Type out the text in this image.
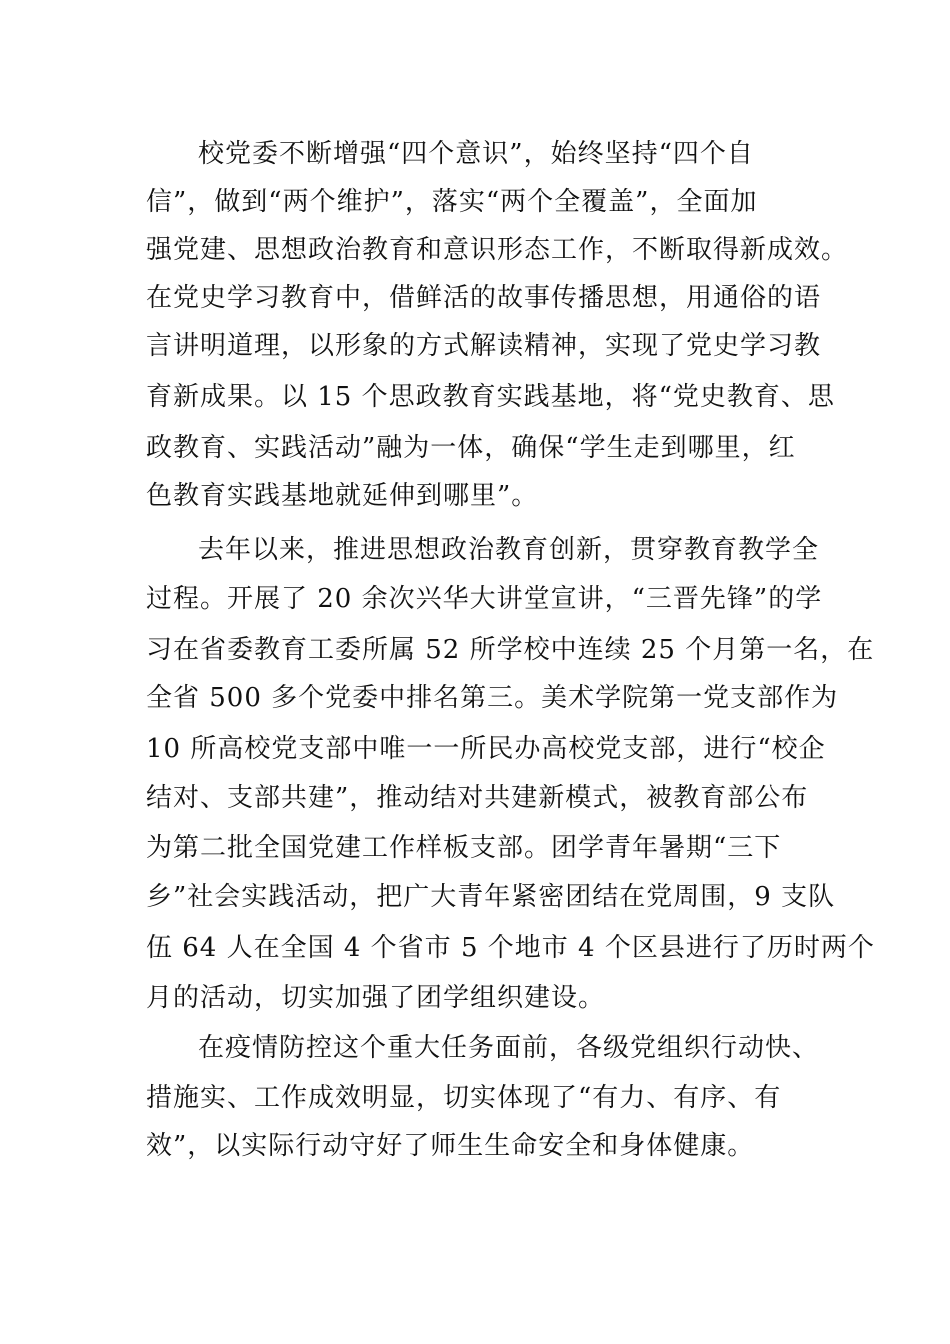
校党委不断增强“四个意识”，始终坚持“四个自
信”，做到“两个维护”，落实“两个全覆盖”，全面加
强党建、思想政治教育和意识形态工作，不断取得新成效。
在党史学习教育中，借鲜活的故事传播思想，用通俗的语
言讲明道理，以形象的方式解读精神，实现了党史学习教
育新成果。以 15 个思政教育实践基地，将“党史教育、思
政教育、实践活动”融为一体，确保“学生走到哪里，红
色教育实践基地就延伸到哪里”。
去年以来，推进思想政治教育创新，贯穿教育教学全
过程。开展了 20 余次兴华大讲堂宣讲，“三晋先锋”的学
习在省委教育工委所属 52 所学校中连续 25 个月第一名，在
全省 500 多个党委中排名第三。美术学院第一党支部作为
10 所高校党支部中唯一一所民办高校党支部，进行“校企
结对、支部共建”，推动结对共建新模式，被教育部公布
为第二批全国党建工作样板支部。团学青年暑期“三下
乡”社会实践活动，把广大青年紧密团结在党周围，9 支队
伍 64 人在全国 4 个省市 5 个地市 4 个区县进行了历时两个
月的活动，切实加强了团学组织建设。
在疫情防控这个重大任务面前，各级党组织行动快、
措施实、工作成效明显，切实体现了“有力、有序、有
效”，以实际行动守好了师生生命安全和身体健康。
